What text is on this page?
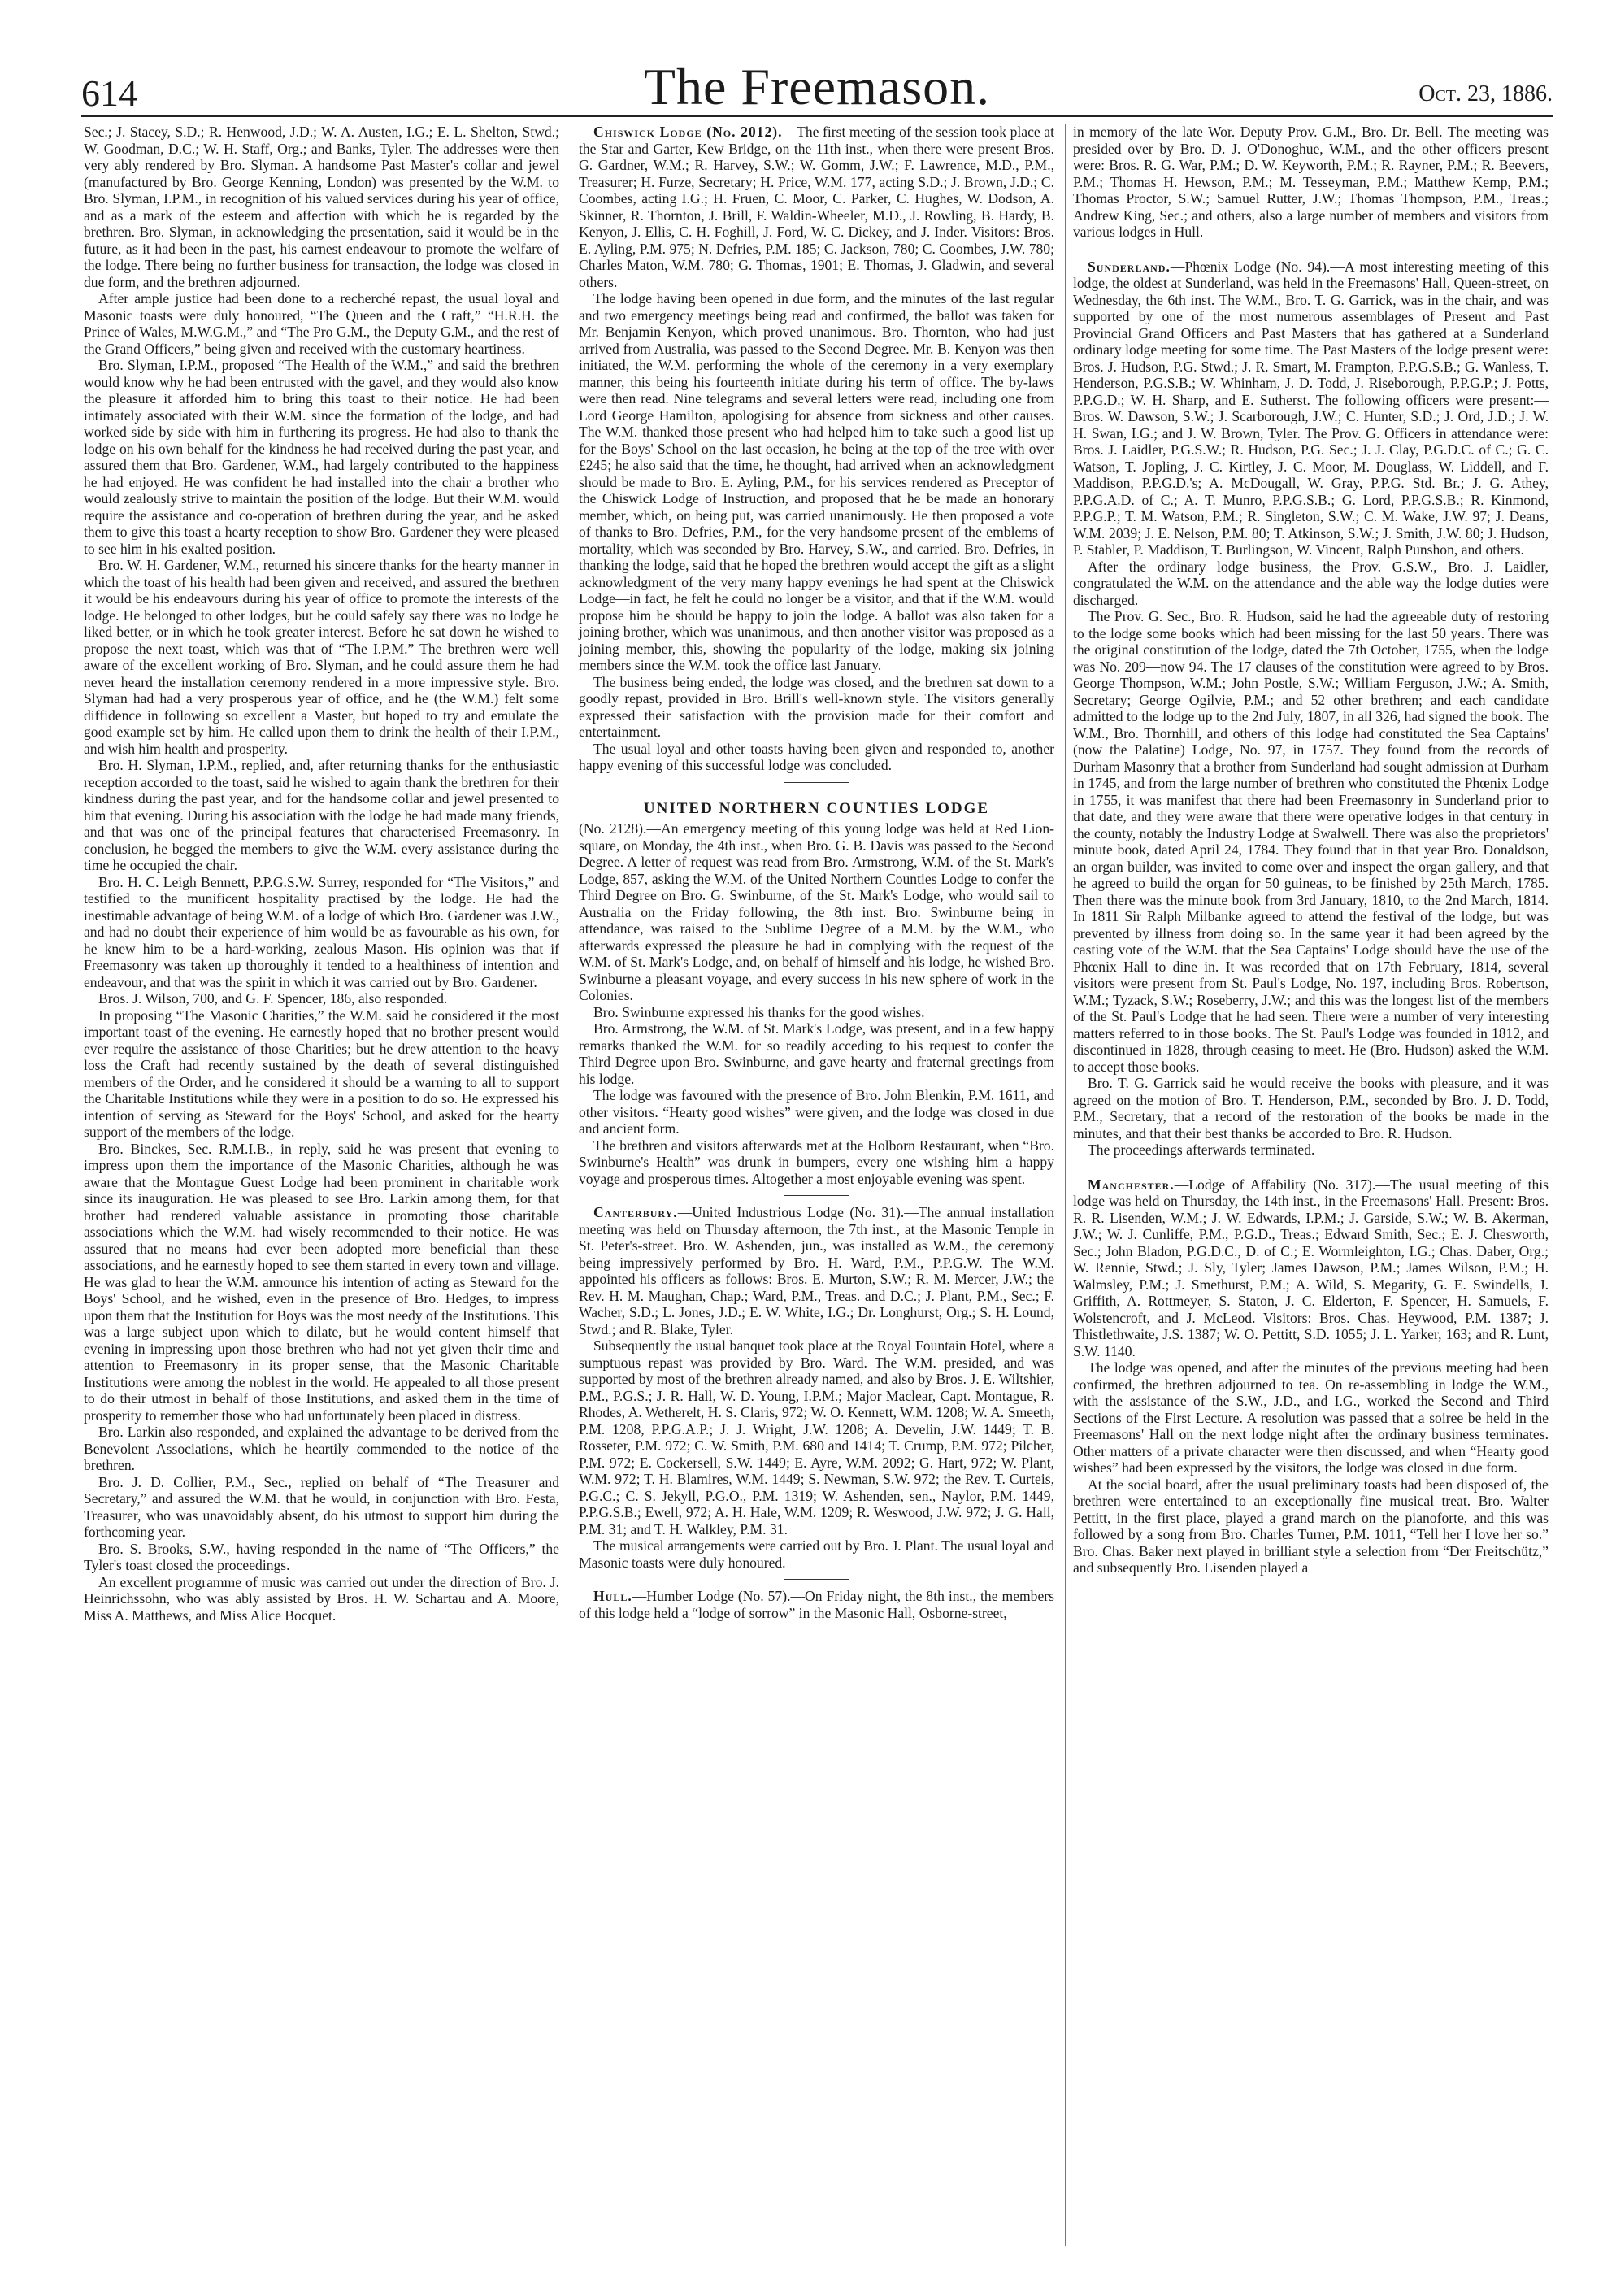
614	The Freemason.	Oct. 23, 1886.

Sec.; J. Stacey, S.D.; R. Henwood, J.D.; W. A. Austen, I.G.; E. L. Shelton, Stwd.; W. Goodman, D.C.; W. H. Staff, Org.; and Banks, Tyler. The addresses were then very ably rendered by Bro. Slyman. A handsome Past Master's collar and jewel (manufactured by Bro. George Kenning, London) was presented by the W.M. to Bro. Slyman, I.P.M., in recognition of his valued services during his year of office, and as a mark of the esteem and affection with which he is regarded by the brethren. Bro. Slyman, in acknowledging the presentation, said it would be in the future, as it had been in the past, his earnest endeavour to promote the welfare of the lodge. There being no further business for transaction, the lodge was closed in due form, and the brethren adjourned.

After ample justice had been done to a recherché repast, the usual loyal and Masonic toasts were duly honoured, “The Queen and the Craft,” “H.R.H. the Prince of Wales, M.W.G.M.,” and “The Pro G.M., the Deputy G.M., and the rest of the Grand Officers,” being given and received with the customary heartiness.

Bro. Slyman, I.P.M., proposed “The Health of the W.M.,” and said the brethren would know why he had been entrusted with the gavel, and they would also know the pleasure it afforded him to bring this toast to their notice. He had been intimately associated with their W.M. since the formation of the lodge, and had worked side by side with him in furthering its progress. He had also to thank the lodge on his own behalf for the kindness he had received during the past year, and assured them that Bro. Gardener, W.M., had largely contributed to the happiness he had enjoyed. He was confident he had installed into the chair a brother who would zealously strive to maintain the position of the lodge. But their W.M. would require the assistance and co-operation of brethren during the year, and he asked them to give this toast a hearty reception to show Bro. Gardener they were pleased to see him in his exalted position.

Bro. W. H. Gardener, W.M., returned his sincere thanks for the hearty manner in which the toast of his health had been given and received, and assured the brethren it would be his endeavours during his year of office to promote the interests of the lodge. He belonged to other lodges, but he could safely say there was no lodge he liked better, or in which he took greater interest. Before he sat down he wished to propose the next toast, which was that of “The I.P.M.” The brethren were well aware of the excellent working of Bro. Slyman, and he could assure them he had never heard the installation ceremony rendered in a more impressive style. Bro. Slyman had had a very prosperous year of office, and he (the W.M.) felt some diffidence in following so excellent a Master, but hoped to try and emulate the good example set by him. He called upon them to drink the health of their I.P.M., and wish him health and prosperity.

Bro. H. Slyman, I.P.M., replied, and, after returning thanks for the enthusiastic reception accorded to the toast, said he wished to again thank the brethren for their kindness during the past year, and for the handsome collar and jewel presented to him that evening. During his association with the lodge he had made many friends, and that was one of the principal features that characterised Freemasonry. In conclusion, he begged the members to give the W.M. every assistance during the time he occupied the chair.

Bro. H. C. Leigh Bennett, P.P.G.S.W. Surrey, responded for “The Visitors,” and testified to the munificent hospitality practised by the lodge. He had the inestimable advantage of being W.M. of a lodge of which Bro. Gardener was J.W., and had no doubt their experience of him would be as favourable as his own, for he knew him to be a hard-working, zealous Mason. His opinion was that if Freemasonry was taken up thoroughly it tended to a healthiness of intention and endeavour, and that was the spirit in which it was carried out by Bro. Gardener.

Bros. J. Wilson, 700, and G. F. Spencer, 186, also responded.

In proposing “The Masonic Charities,” the W.M. said he considered it the most important toast of the evening. He earnestly hoped that no brother present would ever require the assistance of those Charities; but he drew attention to the heavy loss the Craft had recently sustained by the death of several distinguished members of the Order, and he considered it should be a warning to all to support the Charitable Institutions while they were in a position to do so. He expressed his intention of serving as Steward for the Boys' School, and asked for the hearty support of the members of the lodge.

Bro. Binckes, Sec. R.M.I.B., in reply, said he was present that evening to impress upon them the importance of the Masonic Charities, although he was aware that the Montague Guest Lodge had been prominent in charitable work since its inauguration. He was pleased to see Bro. Larkin among them, for that brother had rendered valuable assistance in promoting those charitable associations which the W.M. had wisely recommended to their notice. He was assured that no means had ever been adopted more beneficial than these associations, and he earnestly hoped to see them started in every town and village. He was glad to hear the W.M. announce his intention of acting as Steward for the Boys' School, and he wished, even in the presence of Bro. Hedges, to impress upon them that the Institution for Boys was the most needy of the Institutions. This was a large subject upon which to dilate, but he would content himself that evening in impressing upon those brethren who had not yet given their time and attention to Freemasonry in its proper sense, that the Masonic Charitable Institutions were among the noblest in the world. He appealed to all those present to do their utmost in behalf of those Institutions, and asked them in the time of prosperity to remember those who had unfortunately been placed in distress.

Bro. Larkin also responded, and explained the advantage to be derived from the Benevolent Associations, which he heartily commended to the notice of the brethren.

Bro. J. D. Collier, P.M., Sec., replied on behalf of “The Treasurer and Secretary,” and assured the W.M. that he would, in conjunction with Bro. Festa, Treasurer, who was unavoidably absent, do his utmost to support him during the forthcoming year.

Bro. S. Brooks, S.W., having responded in the name of “The Officers,” the Tyler's toast closed the proceedings.

An excellent programme of music was carried out under the direction of Bro. J. Heinrichssohn, who was ably assisted by Bros. H. W. Schartau and A. Moore, Miss A. Matthews, and Miss Alice Bocquet.

Chiswick Lodge (No. 2012).—The first meeting of the session took place at the Star and Garter, Kew Bridge, on the 11th inst., when there were present Bros. G. Gardner, W.M.; R. Harvey, S.W.; W. Gomm, J.W.; F. Lawrence, M.D., P.M., Treasurer; H. Furze, Secretary; H. Price, W.M. 177, acting S.D.; J. Brown, J.D.; C. Coombes, acting I.G.; H. Fruen, C. Moor, C. Parker, C. Hughes, W. Dodson, A. Skinner, R. Thornton, J. Brill, F. Waldin-Wheeler, M.D., J. Rowling, B. Hardy, B. Kenyon, J. Ellis, C. H. Foghill, J. Ford, W. C. Dickey, and J. Inder. Visitors: Bros. E. Ayling, P.M. 975; N. Defries, P.M. 185; C. Jackson, 780; C. Coombes, J.W. 780; Charles Maton, W.M. 780; G. Thomas, 1901; E. Thomas, J. Gladwin, and several others.

The lodge having been opened in due form, and the minutes of the last regular and two emergency meetings being read and confirmed, the ballot was taken for Mr. Benjamin Kenyon, which proved unanimous. Bro. Thornton, who had just arrived from Australia, was passed to the Second Degree. Mr. B. Kenyon was then initiated, the W.M. performing the whole of the ceremony in a very exemplary manner, this being his fourteenth initiate during his term of office. The by-laws were then read. Nine telegrams and several letters were read, including one from Lord George Hamilton, apologising for absence from sickness and other causes. The W.M. thanked those present who had helped him to take such a good list up for the Boys' School on the last occasion, he being at the top of the tree with over £245; he also said that the time, he thought, had arrived when an acknowledgment should be made to Bro. E. Ayling, P.M., for his services rendered as Preceptor of the Chiswick Lodge of Instruction, and proposed that he be made an honorary member, which, on being put, was carried unanimously. He then proposed a vote of thanks to Bro. Defries, P.M., for the very handsome present of the emblems of mortality, which was seconded by Bro. Harvey, S.W., and carried. Bro. Defries, in thanking the lodge, said that he hoped the brethren would accept the gift as a slight acknowledgment of the very many happy evenings he had spent at the Chiswick Lodge—in fact, he felt he could no longer be a visitor, and that if the W.M. would propose him he should be happy to join the lodge. A ballot was also taken for a joining brother, which was unanimous, and then another visitor was proposed as a joining member, this, showing the popularity of the lodge, making six joining members since the W.M. took the office last January.

The business being ended, the lodge was closed, and the brethren sat down to a goodly repast, provided in Bro. Brill's well-known style. The visitors generally expressed their satisfaction with the provision made for their comfort and entertainment.

The usual loyal and other toasts having been given and responded to, another happy evening of this successful lodge was concluded.

UNITED NORTHERN COUNTIES LODGE

(No. 2128).—An emergency meeting of this young lodge was held at Red Lion-square, on Monday, the 4th inst., when Bro. G. B. Davis was passed to the Second Degree. A letter of request was read from Bro. Armstrong, W.M. of the St. Mark's Lodge, 857, asking the W.M. of the United Northern Counties Lodge to confer the Third Degree on Bro. G. Swinburne, of the St. Mark's Lodge, who would sail to Australia on the Friday following, the 8th inst. Bro. Swinburne being in attendance, was raised to the Sublime Degree of a M.M. by the W.M., who afterwards expressed the pleasure he had in complying with the request of the W.M. of St. Mark's Lodge, and, on behalf of himself and his lodge, he wished Bro. Swinburne a pleasant voyage, and every success in his new sphere of work in the Colonies.

Bro. Swinburne expressed his thanks for the good wishes.

Bro. Armstrong, the W.M. of St. Mark's Lodge, was present, and in a few happy remarks thanked the W.M. for so readily acceding to his request to confer the Third Degree upon Bro. Swinburne, and gave hearty and fraternal greetings from his lodge.

The lodge was favoured with the presence of Bro. John Blenkin, P.M. 1611, and other visitors. “Hearty good wishes” were given, and the lodge was closed in due and ancient form.

The brethren and visitors afterwards met at the Holborn Restaurant, when “Bro. Swinburne's Health” was drunk in bumpers, every one wishing him a happy voyage and prosperous times. Altogether a most enjoyable evening was spent.

Canterbury.—United Industrious Lodge (No. 31).—The annual installation meeting was held on Thursday afternoon, the 7th inst., at the Masonic Temple in St. Peter's-street. Bro. W. Ashenden, jun., was installed as W.M., the ceremony being impressively performed by Bro. H. Ward, P.M., P.P.G.W. The W.M. appointed his officers as follows: Bros. E. Murton, S.W.; R. M. Mercer, J.W.; the Rev. H. M. Maughan, Chap.; Ward, P.M., Treas. and D.C.; J. Plant, P.M., Sec.; F. Wacher, S.D.; L. Jones, J.D.; E. W. White, I.G.; Dr. Longhurst, Org.; S. H. Lound, Stwd.; and R. Blake, Tyler.

Subsequently the usual banquet took place at the Royal Fountain Hotel, where a sumptuous repast was provided by Bro. Ward. The W.M. presided, and was supported by most of the brethren already named, and also by Bros. J. E. Wiltshier, P.M., P.G.S.; J. R. Hall, W. D. Young, I.P.M.; Major Maclear, Capt. Montague, R. Rhodes, A. Wetherelt, H. S. Claris, 972; W. O. Kennett, W.M. 1208; W. A. Smeeth, P.M. 1208, P.P.G.A.P.; J. J. Wright, J.W. 1208; A. Develin, J.W. 1449; T. B. Rosseter, P.M. 972; C. W. Smith, P.M. 680 and 1414; T. Crump, P.M. 972; Pilcher, P.M. 972; E. Cockersell, S.W. 1449; E. Ayre, W.M. 2092; G. Hart, 972; W. Plant, W.M. 972; T. H. Blamires, W.M. 1449; S. Newman, S.W. 972; the Rev. T. Curteis, P.G.C.; C. S. Jekyll, P.G.O., P.M. 1319; W. Ashenden, sen., Naylor, P.M. 1449, P.P.G.S.B.; Ewell, 972; A. H. Hale, W.M. 1209; R. Weswood, J.W. 972; J. G. Hall, P.M. 31; and T. H. Walkley, P.M. 31.

The musical arrangements were carried out by Bro. J. Plant. The usual loyal and Masonic toasts were duly honoured.

Hull.—Humber Lodge (No. 57).—On Friday night, the 8th inst., the members of this lodge held a “lodge of sorrow” in the Masonic Hall, Osborne-street,

in memory of the late Wor. Deputy Prov. G.M., Bro. Dr. Bell. The meeting was presided over by Bro. D. J. O'Donoghue, W.M., and the other officers present were: Bros. R. G. War, P.M.; D. W. Keyworth, P.M.; R. Rayner, P.M.; R. Beevers, P.M.; Thomas H. Hewson, P.M.; M. Tesseyman, P.M.; Matthew Kemp, P.M.; Thomas Proctor, S.W.; Samuel Rutter, J.W.; Thomas Thompson, P.M., Treas.; Andrew King, Sec.; and others, also a large number of members and visitors from various lodges in Hull.

Sunderland.—Phœnix Lodge (No. 94).—A most interesting meeting of this lodge, the oldest at Sunderland, was held in the Freemasons' Hall, Queen-street, on Wednesday, the 6th inst. The W.M., Bro. T. G. Garrick, was in the chair, and was supported by one of the most numerous assemblages of Present and Past Provincial Grand Officers and Past Masters that has gathered at a Sunderland ordinary lodge meeting for some time. The Past Masters of the lodge present were: Bros. J. Hudson, P.G. Stwd.; J. R. Smart, M. Frampton, P.P.G.S.B.; G. Wanless, T. Henderson, P.G.S.B.; W. Whinham, J. D. Todd, J. Riseborough, P.P.G.P.; J. Potts, P.P.G.D.; W. H. Sharp, and E. Sutherst. The following officers were present:—Bros. W. Dawson, S.W.; J. Scarborough, J.W.; C. Hunter, S.D.; J. Ord, J.D.; J. W. H. Swan, I.G.; and J. W. Brown, Tyler. The Prov. G. Officers in attendance were: Bros. J. Laidler, P.G.S.W.; R. Hudson, P.G. Sec.; J. J. Clay, P.G.D.C. of C.; G. C. Watson, T. Jopling, J. C. Kirtley, J. C. Moor, M. Douglass, W. Liddell, and F. Maddison, P.P.G.D.'s; A. McDougall, W. Gray, P.P.G. Std. Br.; J. G. Athey, P.P.G.A.D. of C.; A. T. Munro, P.P.G.S.B.; G. Lord, P.P.G.S.B.; R. Kinmond, P.P.G.P.; T. M. Watson, P.M.; R. Singleton, S.W.; C. M. Wake, J.W. 97; J. Deans, W.M. 2039; J. E. Nelson, P.M. 80; T. Atkinson, S.W.; J. Smith, J.W. 80; J. Hudson, P. Stabler, P. Maddison, T. Burlingson, W. Vincent, Ralph Punshon, and others.

After the ordinary lodge business, the Prov. G.S.W., Bro. J. Laidler, congratulated the W.M. on the attendance and the able way the lodge duties were discharged.

The Prov. G. Sec., Bro. R. Hudson, said he had the agreeable duty of restoring to the lodge some books which had been missing for the last 50 years. There was the original constitution of the lodge, dated the 7th October, 1755, when the lodge was No. 209—now 94. The 17 clauses of the constitution were agreed to by Bros. George Thompson, W.M.; John Postle, S.W.; William Ferguson, J.W.; A. Smith, Secretary; George Ogilvie, P.M.; and 52 other brethren; and each candidate admitted to the lodge up to the 2nd July, 1807, in all 326, had signed the book. The W.M., Bro. Thornhill, and others of this lodge had constituted the Sea Captains' (now the Palatine) Lodge, No. 97, in 1757. They found from the records of Durham Masonry that a brother from Sunderland had sought admission at Durham in 1745, and from the large number of brethren who constituted the Phœnix Lodge in 1755, it was manifest that there had been Freemasonry in Sunderland prior to that date, and they were aware that there were operative lodges in that century in the county, notably the Industry Lodge at Swalwell. There was also the proprietors' minute book, dated April 24, 1784. They found that in that year Bro. Donaldson, an organ builder, was invited to come over and inspect the organ gallery, and that he agreed to build the organ for 50 guineas, to be finished by 25th March, 1785. Then there was the minute book from 3rd January, 1810, to the 2nd March, 1814. In 1811 Sir Ralph Milbanke agreed to attend the festival of the lodge, but was prevented by illness from doing so. In the same year it had been agreed by the casting vote of the W.M. that the Sea Captains' Lodge should have the use of the Phœnix Hall to dine in. It was recorded that on 17th February, 1814, several visitors were present from St. Paul's Lodge, No. 197, including Bros. Robertson, W.M.; Tyzack, S.W.; Roseberry, J.W.; and this was the longest list of the members of the St. Paul's Lodge that he had seen. There were a number of very interesting matters referred to in those books. The St. Paul's Lodge was founded in 1812, and discontinued in 1828, through ceasing to meet. He (Bro. Hudson) asked the W.M. to accept those books.

Bro. T. G. Garrick said he would receive the books with pleasure, and it was agreed on the motion of Bro. T. Henderson, P.M., seconded by Bro. J. D. Todd, P.M., Secretary, that a record of the restoration of the books be made in the minutes, and that their best thanks be accorded to Bro. R. Hudson.

The proceedings afterwards terminated.

Manchester.—Lodge of Affability (No. 317).—The usual meeting of this lodge was held on Thursday, the 14th inst., in the Freemasons' Hall. Present: Bros. R. R. Lisenden, W.M.; J. W. Edwards, I.P.M.; J. Garside, S.W.; W. B. Akerman, J.W.; W. J. Cunliffe, P.M., P.G.D., Treas.; Edward Smith, Sec.; E. J. Chesworth, Sec.; John Bladon, P.G.D.C., D. of C.; E. Wormleighton, I.G.; Chas. Daber, Org.; W. Rennie, Stwd.; J. Sly, Tyler; James Dawson, P.M.; James Wilson, P.M.; H. Walmsley, P.M.; J. Smethurst, P.M.; A. Wild, S. Megarity, G. E. Swindells, J. Griffith, A. Rottmeyer, S. Staton, J. C. Elderton, F. Spencer, H. Samuels, F. Wolstencroft, and J. McLeod. Visitors: Bros. Chas. Heywood, P.M. 1387; J. Thistlethwaite, J.S. 1387; W. O. Pettitt, S.D. 1055; J. L. Yarker, 163; and R. Lunt, S.W. 1140.

The lodge was opened, and after the minutes of the previous meeting had been confirmed, the brethren adjourned to tea. On re-assembling in lodge the W.M., with the assistance of the S.W., J.D., and I.G., worked the Second and Third Sections of the First Lecture. A resolution was passed that a soiree be held in the Freemasons' Hall on the next lodge night after the ordinary business terminates. Other matters of a private character were then discussed, and when “Hearty good wishes” had been expressed by the visitors, the lodge was closed in due form.

At the social board, after the usual preliminary toasts had been disposed of, the brethren were entertained to an exceptionally fine musical treat. Bro. Walter Pettitt, in the first place, played a grand march on the pianoforte, and this was followed by a song from Bro. Charles Turner, P.M. 1011, “Tell her I love her so.” Bro. Chas. Baker next played in brilliant style a selection from “Der Freitschütz,” and subsequently Bro. Lisenden played a
